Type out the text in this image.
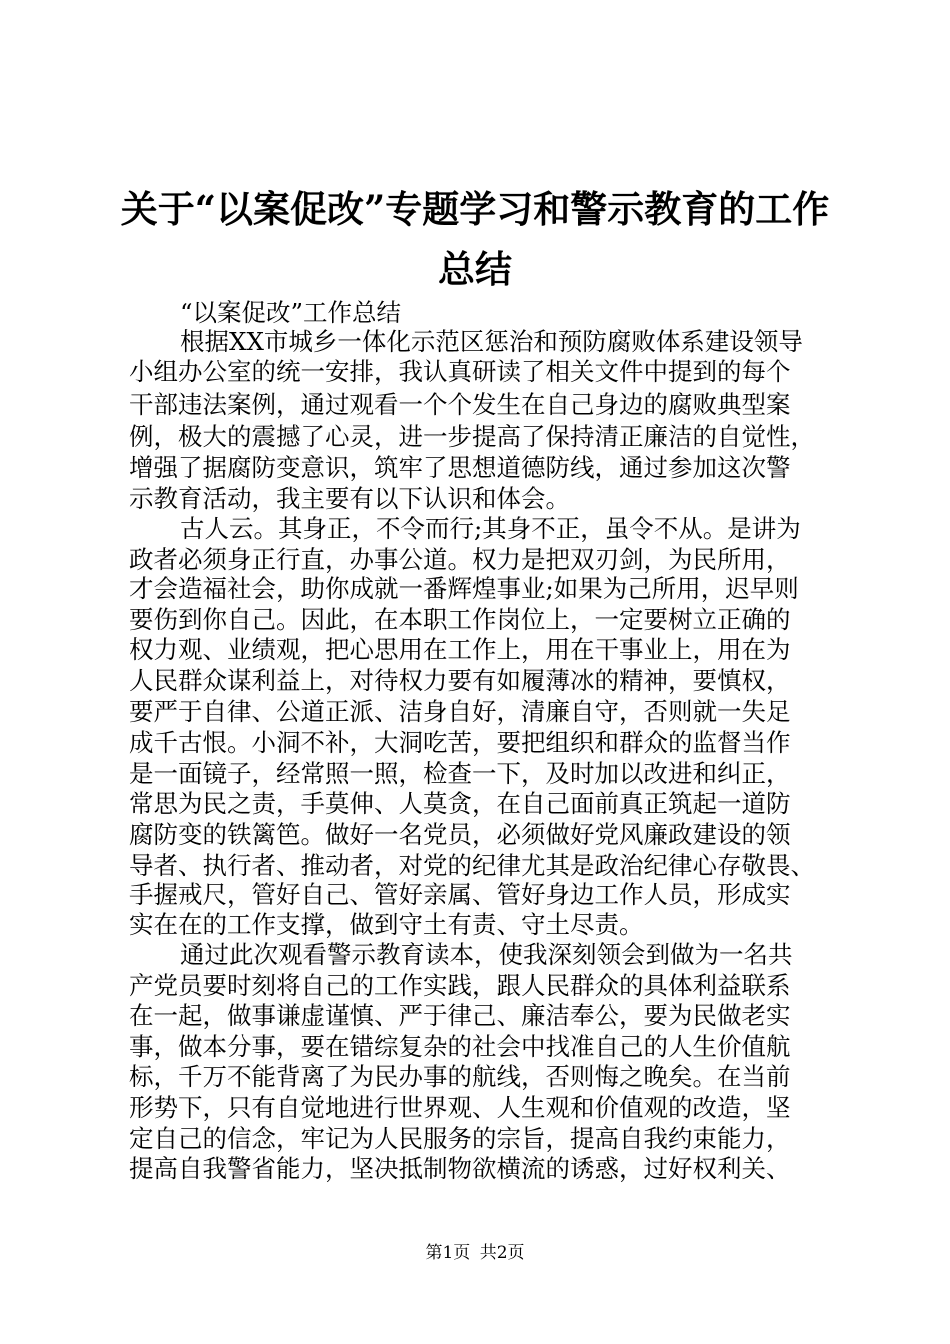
关于“以案促改”专题学习和警示教育的工作
总结
“以案促改”工作总结
根据XX市城乡一体化示范区惩治和预防腐败体系建设领导
小组办公室的统一安排，我认真研读了相关文件中提到的每个
干部违法案例，通过观看一个个发生在自己身边的腐败典型案
例，极大的震撼了心灵，进一步提高了保持清正廉洁的自觉性，
增强了据腐防变意识，筑牢了思想道德防线，通过参加这次警
示教育活动，我主要有以下认识和体会。
古人云。其身正，不令而行;其身不正，虽令不从。是讲为
政者必须身正行直，办事公道。权力是把双刃剑，为民所用，
才会造福社会，助你成就一番辉煌事业;如果为己所用，迟早则
要伤到你自己。因此，在本职工作岗位上，一定要树立正确的
权力观、业绩观，把心思用在工作上，用在干事业上，用在为
人民群众谋利益上，对待权力要有如履薄冰的精神，要慎权，
要严于自律、公道正派、洁身自好，清廉自守，否则就一失足
成千古恨。小洞不补，大洞吃苦，要把组织和群众的监督当作
是一面镜子，经常照一照，检查一下，及时加以改进和纠正，
常思为民之责，手莫伸、人莫贪，在自己面前真正筑起一道防
腐防变的铁篱笆。做好一名党员，必须做好党风廉政建设的领
导者、执行者、推动者，对党的纪律尤其是政治纪律心存敬畏、
手握戒尺，管好自己、管好亲属、管好身边工作人员，形成实
实在在的工作支撑，做到守土有责、守土尽责。
通过此次观看警示教育读本，使我深刻领会到做为一名共
产党员要时刻将自己的工作实践，跟人民群众的具体利益联系
在一起，做事谦虚谨慎、严于律己、廉洁奉公，要为民做老实
事，做本分事，要在错综复杂的社会中找准自己的人生价值航
标，千万不能背离了为民办事的航线，否则悔之晚矣。在当前
形势下，只有自觉地进行世界观、人生观和价值观的改造，坚
定自己的信念，牢记为人民服务的宗旨，提高自我约束能力，
提高自我警省能力，坚决抵制物欲横流的诱惑，过好权利关、
第1页 共2页
